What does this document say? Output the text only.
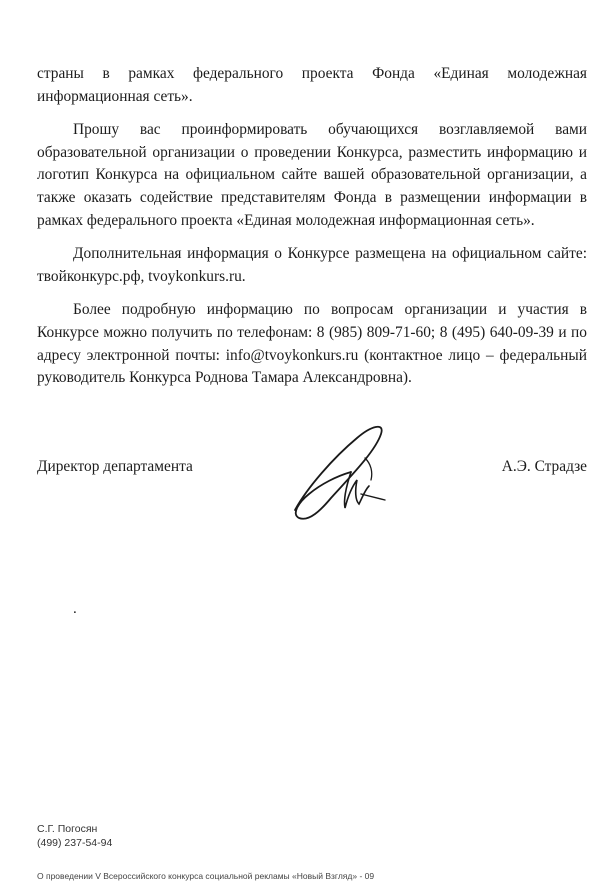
страны в рамках федерального проекта Фонда «Единая молодежная информационная сеть».

Прошу вас проинформировать обучающихся возглавляемой вами образовательной организации о проведении Конкурса, разместить информацию и логотип Конкурса на официальном сайте вашей образовательной организации, а также оказать содействие представителям Фонда в размещении информации в рамках федерального проекта «Единая молодежная информационная сеть».

Дополнительная информация о Конкурсе размещена на официальном сайте: твойконкурс.рф, tvoykonkurs.ru.

Более подробную информацию по вопросам организации и участия в Конкурсе можно получить по телефонам: 8 (985) 809-71-60; 8 (495) 640-09-39 и по адресу электронной почты: info@tvoykonkurs.ru (контактное лицо – федеральный руководитель Конкурса Роднова Тамара Александровна).

Директор департамента	А.Э. Страдзе
.
С.Г. Погосян
(499) 237-54-94
О проведении V Всероссийского конкурса социальной рекламы «Новый Взгляд» - 09
